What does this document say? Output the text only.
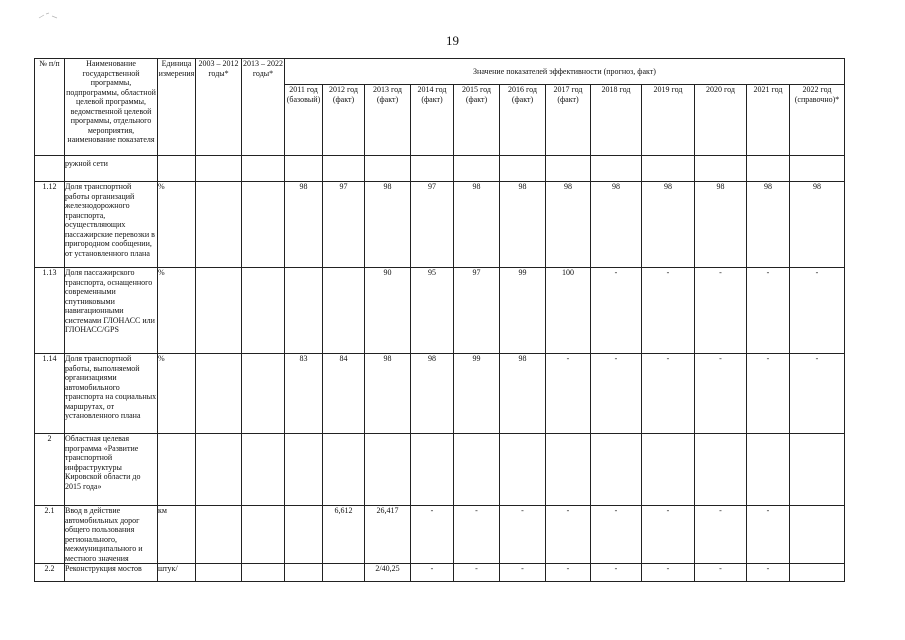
19
№ п/п	Наименование государственной программы, подпрограммы, областной целевой программы, ведомственной целевой программы, отдельного мероприятия, наименование показателя	Единица измерения	2003 – 2012 годы*	2013 – 2022 годы*	Значение показателей эффективности (прогноз, факт)											
					2011 год (базовый)	2012 год (факт)	2013 год (факт)	2014 год (факт)	2015 год (факт)	2016 год (факт)	2017 год (факт)	2018 год	2019 год	2020 год	2021 год	2022 год (справочно)*
	ружной сети															
1.12	Доля транспортной работы организаций железнодорожного транспорта, осуществляющих пассажирские перевозки в пригородном сообщении, от установленного плана	%			98	97	98	97	98	98	98	98	98	98	98	98
1.13	Доля пассажирского транспорта, оснащенного современными спутниковыми навигационными системами ГЛОНАСС или ГЛОНАСС/GPS	%					90	95	97	99	100	-	-	-	-	-
1.14	Доля транспортной работы, выполняемой организациями автомобильного транспорта на социальных маршрутах, от установленного плана	%			83	84	98	98	99	98	-	-	-	-	-	-
2	Областная целевая программа «Развитие транспортной инфраструктуры Кировской области до 2015 года»															
2.1	Ввод в действие автомобильных дорог общего пользования регионального, межмуниципального и местного значения	км				6,612	26,417	-	-	-	-	-	-	-	-	
2.2	Реконструкция мостов	штук/					2/40,25	-	-	-	-	-	-	-	-	
